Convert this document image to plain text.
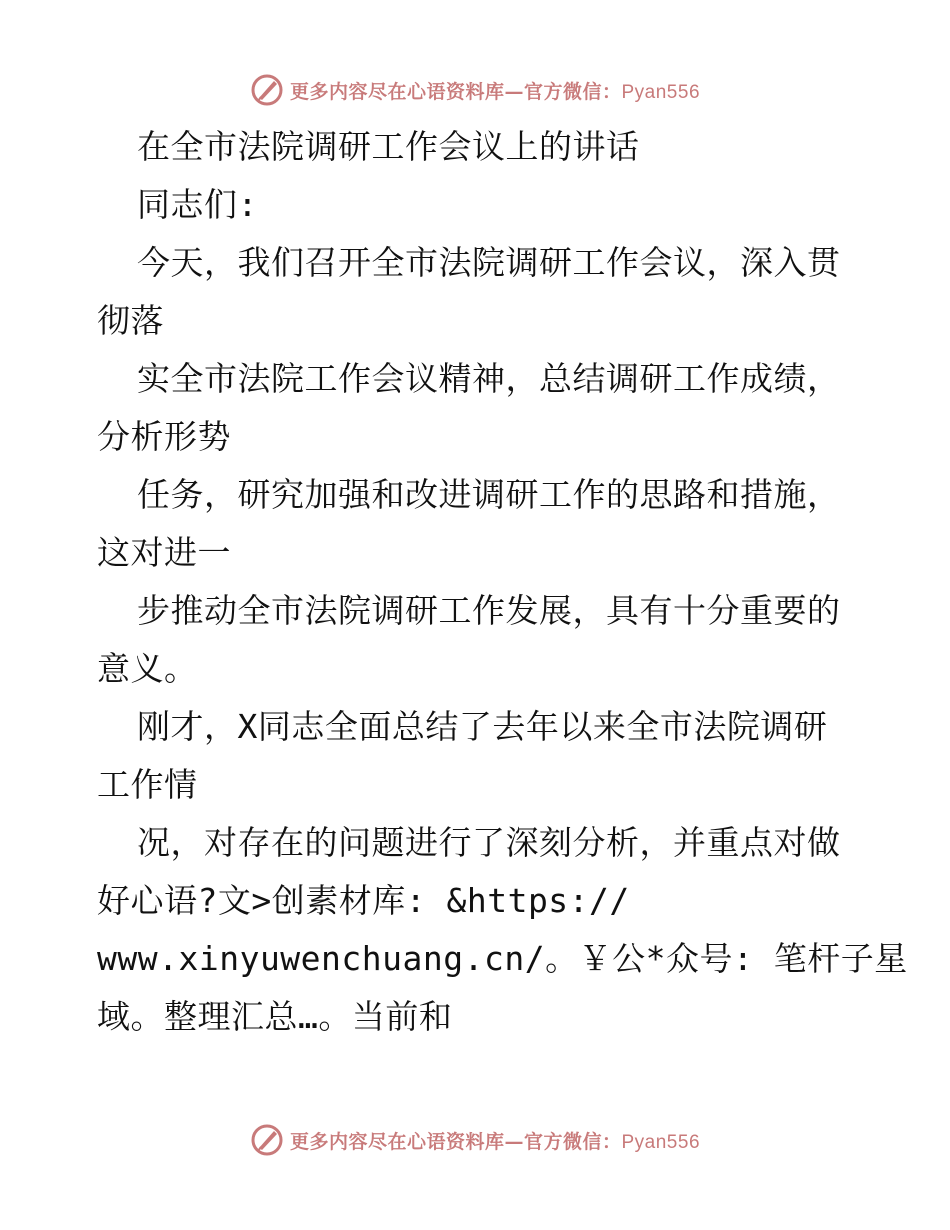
更多内容尽在心语资料库—官方微信：Pyan556
在全市法院调研工作会议上的讲话
同志们:
今天，我们召开全市法院调研工作会议，深入贯
彻落
实全市法院工作会议精神，总结调研工作成绩，
分析形势
任务，研究加强和改进调研工作的思路和措施，
这对进一
步推动全市法院调研工作发展，具有十分重要的
意义。
刚才，X同志全面总结了去年以来全市法院调研
工作情
况，对存在的问题进行了深刻分析，并重点对做
好心语?文>创素材库: &https://
www.xinyuwenchuang.cn/。￥公*众号: 笔杆子星
域。整理汇总…。当前和
更多内容尽在心语资料库—官方微信：Pyan556
